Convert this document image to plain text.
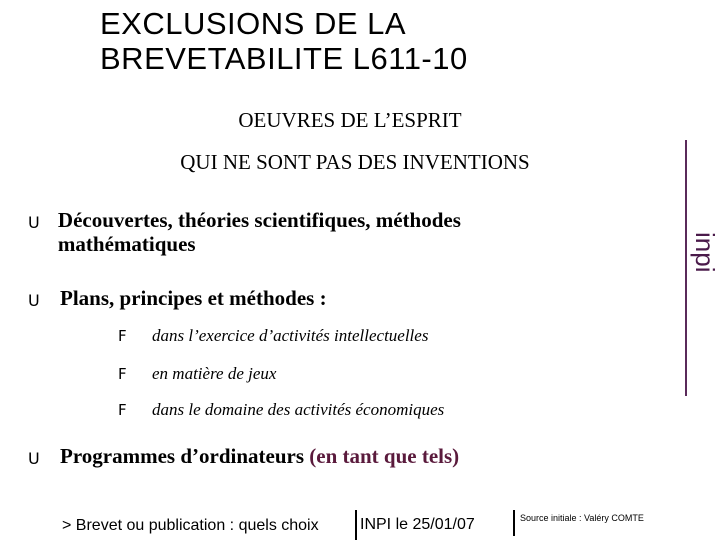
EXCLUSIONS DE LA
BREVETABILITE L611-10
OEUVRES DE L’ESPRIT
QUI NE SONT PAS DES INVENTIONS
inpi
U Découvertes, théories scientifiques, méthodes mathématiques
U Plans, principes et méthodes :
F	dans l’exercice d’activités intellectuelles
F	en matière de jeux
F	dans le domaine des activités économiques
U Programmes d’ordinateurs (en tant que tels)
> Brevet ou publication : quels choix	INPI le 25/01/07	Source initiale : Valéry COMTE
